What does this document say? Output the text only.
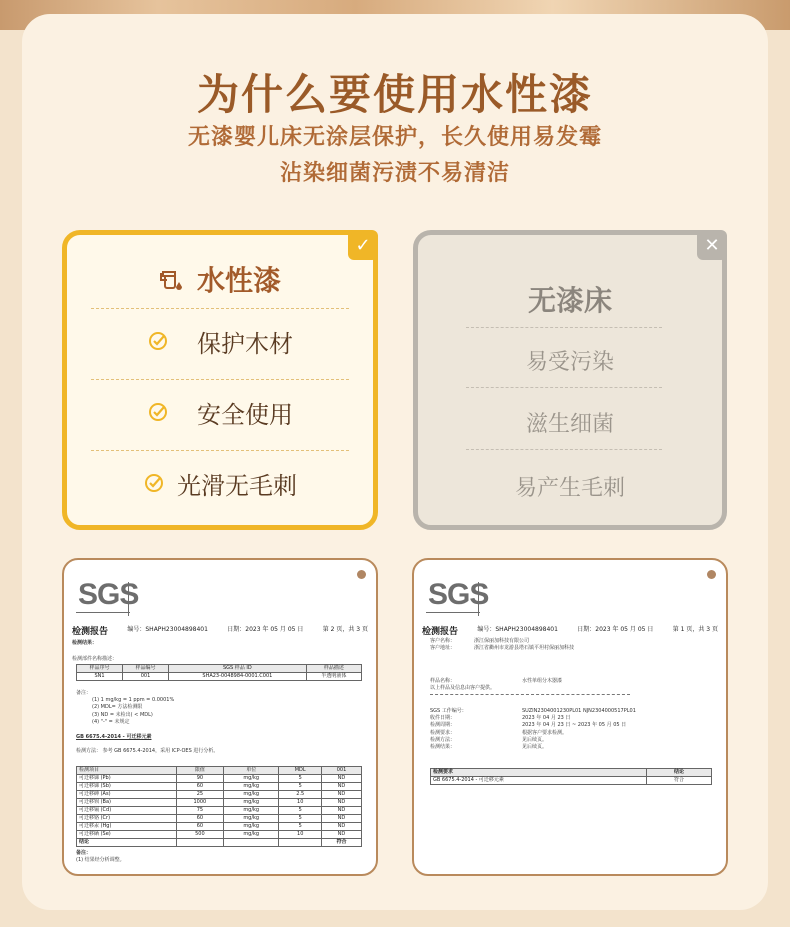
为什么要使用水性漆
无漆婴儿床无涂层保护，长久使用易发霉
沾染细菌污渍不易清洁
✓
水性漆
保护木材
安全使用
光滑无毛刺
✕
无漆床
易受污染
滋生细菌
易产生毛刺
SGS
检测报告	编号：SHAPH23004898401	日期：2023 年 05 月 05 日	第 2 页，共 3 页
检测结果：
检测部件名称描述：
样品序号	样品编号	SGS 样品 ID	样品描述
SN1	001	SHA23-0048984-0001.C001	半透明液体
备注：
(1) 1 mg/kg = 1 ppm = 0.0001%
(2) MDL= 方法检测限
(3) ND = 未检出( < MDL)
(4) "-" = 未规定
GB 6675.4-2014 - 可迁移元素
检测方法： 参考 GB 6675.4-2014，采用 ICP-OES 进行分析。
检测项目	限值	单位	MDL	001
可迁移锑 (Pb)	90	mg/kg	5	ND
可迁移锑 (Sb)	60	mg/kg	5	ND
可迁移砷 (As)	25	mg/kg	2.5	ND
可迁移钡 (Ba)	1000	mg/kg	10	ND
可迁移镉 (Cd)	75	mg/kg	5	ND
可迁移铬 (Cr)	60	mg/kg	5	ND
可迁移汞 (Hg)	60	mg/kg	5	ND
可迁移硒 (Se)	500	mg/kg	10	ND
结论				符合
备注：
(1) 结果经分析调整。
SGS
检测报告	编号：SHAPH23004898401	日期：2023 年 05 月 05 日	第 1 页，共 3 页
客户名称：	浙江保丽加科技有限公司
客户地址：	浙江省衢州市龙游县塔石镇平坦村保丽加科技
样品名称：	水性单组分木器漆
以上样品及信息由客户提供。
SGS 工作编号：	SUZIN2304001230PL01 NJN2304000517PL01
收件日期：	2023 年 04 月 23 日
检测周期：	2023 年 04 月 23 日 ~ 2023 年 05 月 05 日
检测要求：	根据客户要求检测。
检测方法：	见后续页。
检测结果：	见后续页。
检测要求	结论
GB 6675.4-2014 - 可迁移元素	符合
